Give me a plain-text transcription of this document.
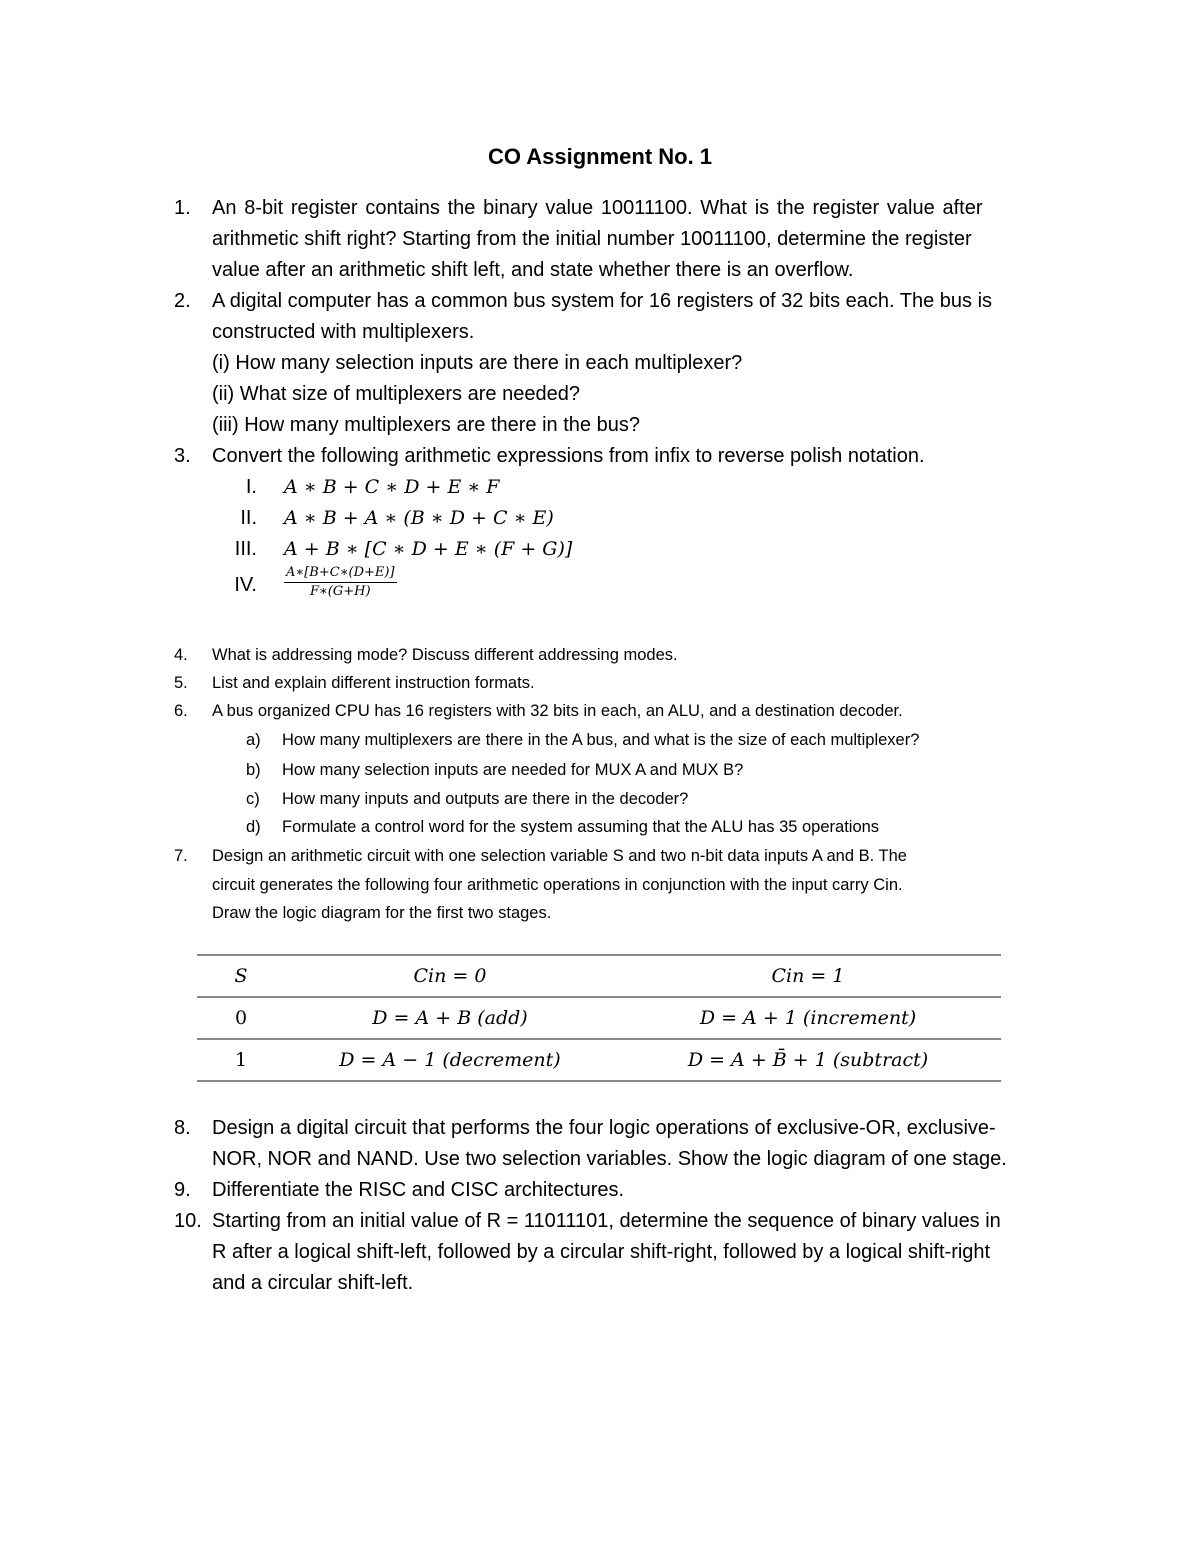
CO Assignment No. 1
1. An 8-bit register contains the binary value 10011100. What is the register value after
arithmetic shift right? Starting from the initial number 10011100, determine the register
value after an arithmetic shift left, and state whether there is an overflow.
2. A digital computer has a common bus system for 16 registers of 32 bits each. The bus is
constructed with multiplexers.
(i) How many selection inputs are there in each multiplexer?
(ii) What size of multiplexers are needed?
(iii) How many multiplexers are there in the bus?
3. Convert the following arithmetic expressions from infix to reverse polish notation.
I. A ∗ B + C ∗ D + E ∗ F
II. A ∗ B + A ∗ (B ∗ D + C ∗ E)
III. A + B ∗ [C ∗ D + E ∗ (F + G)]
IV. $\frac{A∗[B+C∗(D+E)]}{F∗(G+H)}$
4. What is addressing mode? Discuss different addressing modes.
5. List and explain different instruction formats.
6. A bus organized CPU has 16 registers with 32 bits in each, an ALU, and a destination decoder.
a) How many multiplexers are there in the A bus, and what is the size of each multiplexer?
b) How many selection inputs are needed for MUX A and MUX B?
c) How many inputs and outputs are there in the decoder?
d) Formulate a control word for the system assuming that the ALU has 35 operations
7. Design an arithmetic circuit with one selection variable S and two n-bit data inputs A and B. The
circuit generates the following four arithmetic operations in conjunction with the input carry Cin.
Draw the logic diagram for the first two stages.
S	Cin = 0	Cin = 1
0	D = A + B (add)	D = A + 1 (increment)
1	D = A − 1 (decrement)	D = A + B̄ + 1 (subtract)
8. Design a digital circuit that performs the four logic operations of exclusive-OR, exclusive-
NOR, NOR and NAND. Use two selection variables. Show the logic diagram of one stage.
9. Differentiate the RISC and CISC architectures.
10. Starting from an initial value of R = 11011101, determine the sequence of binary values in
R after a logical shift-left, followed by a circular shift-right, followed by a logical shift-right
and a circular shift-left.
